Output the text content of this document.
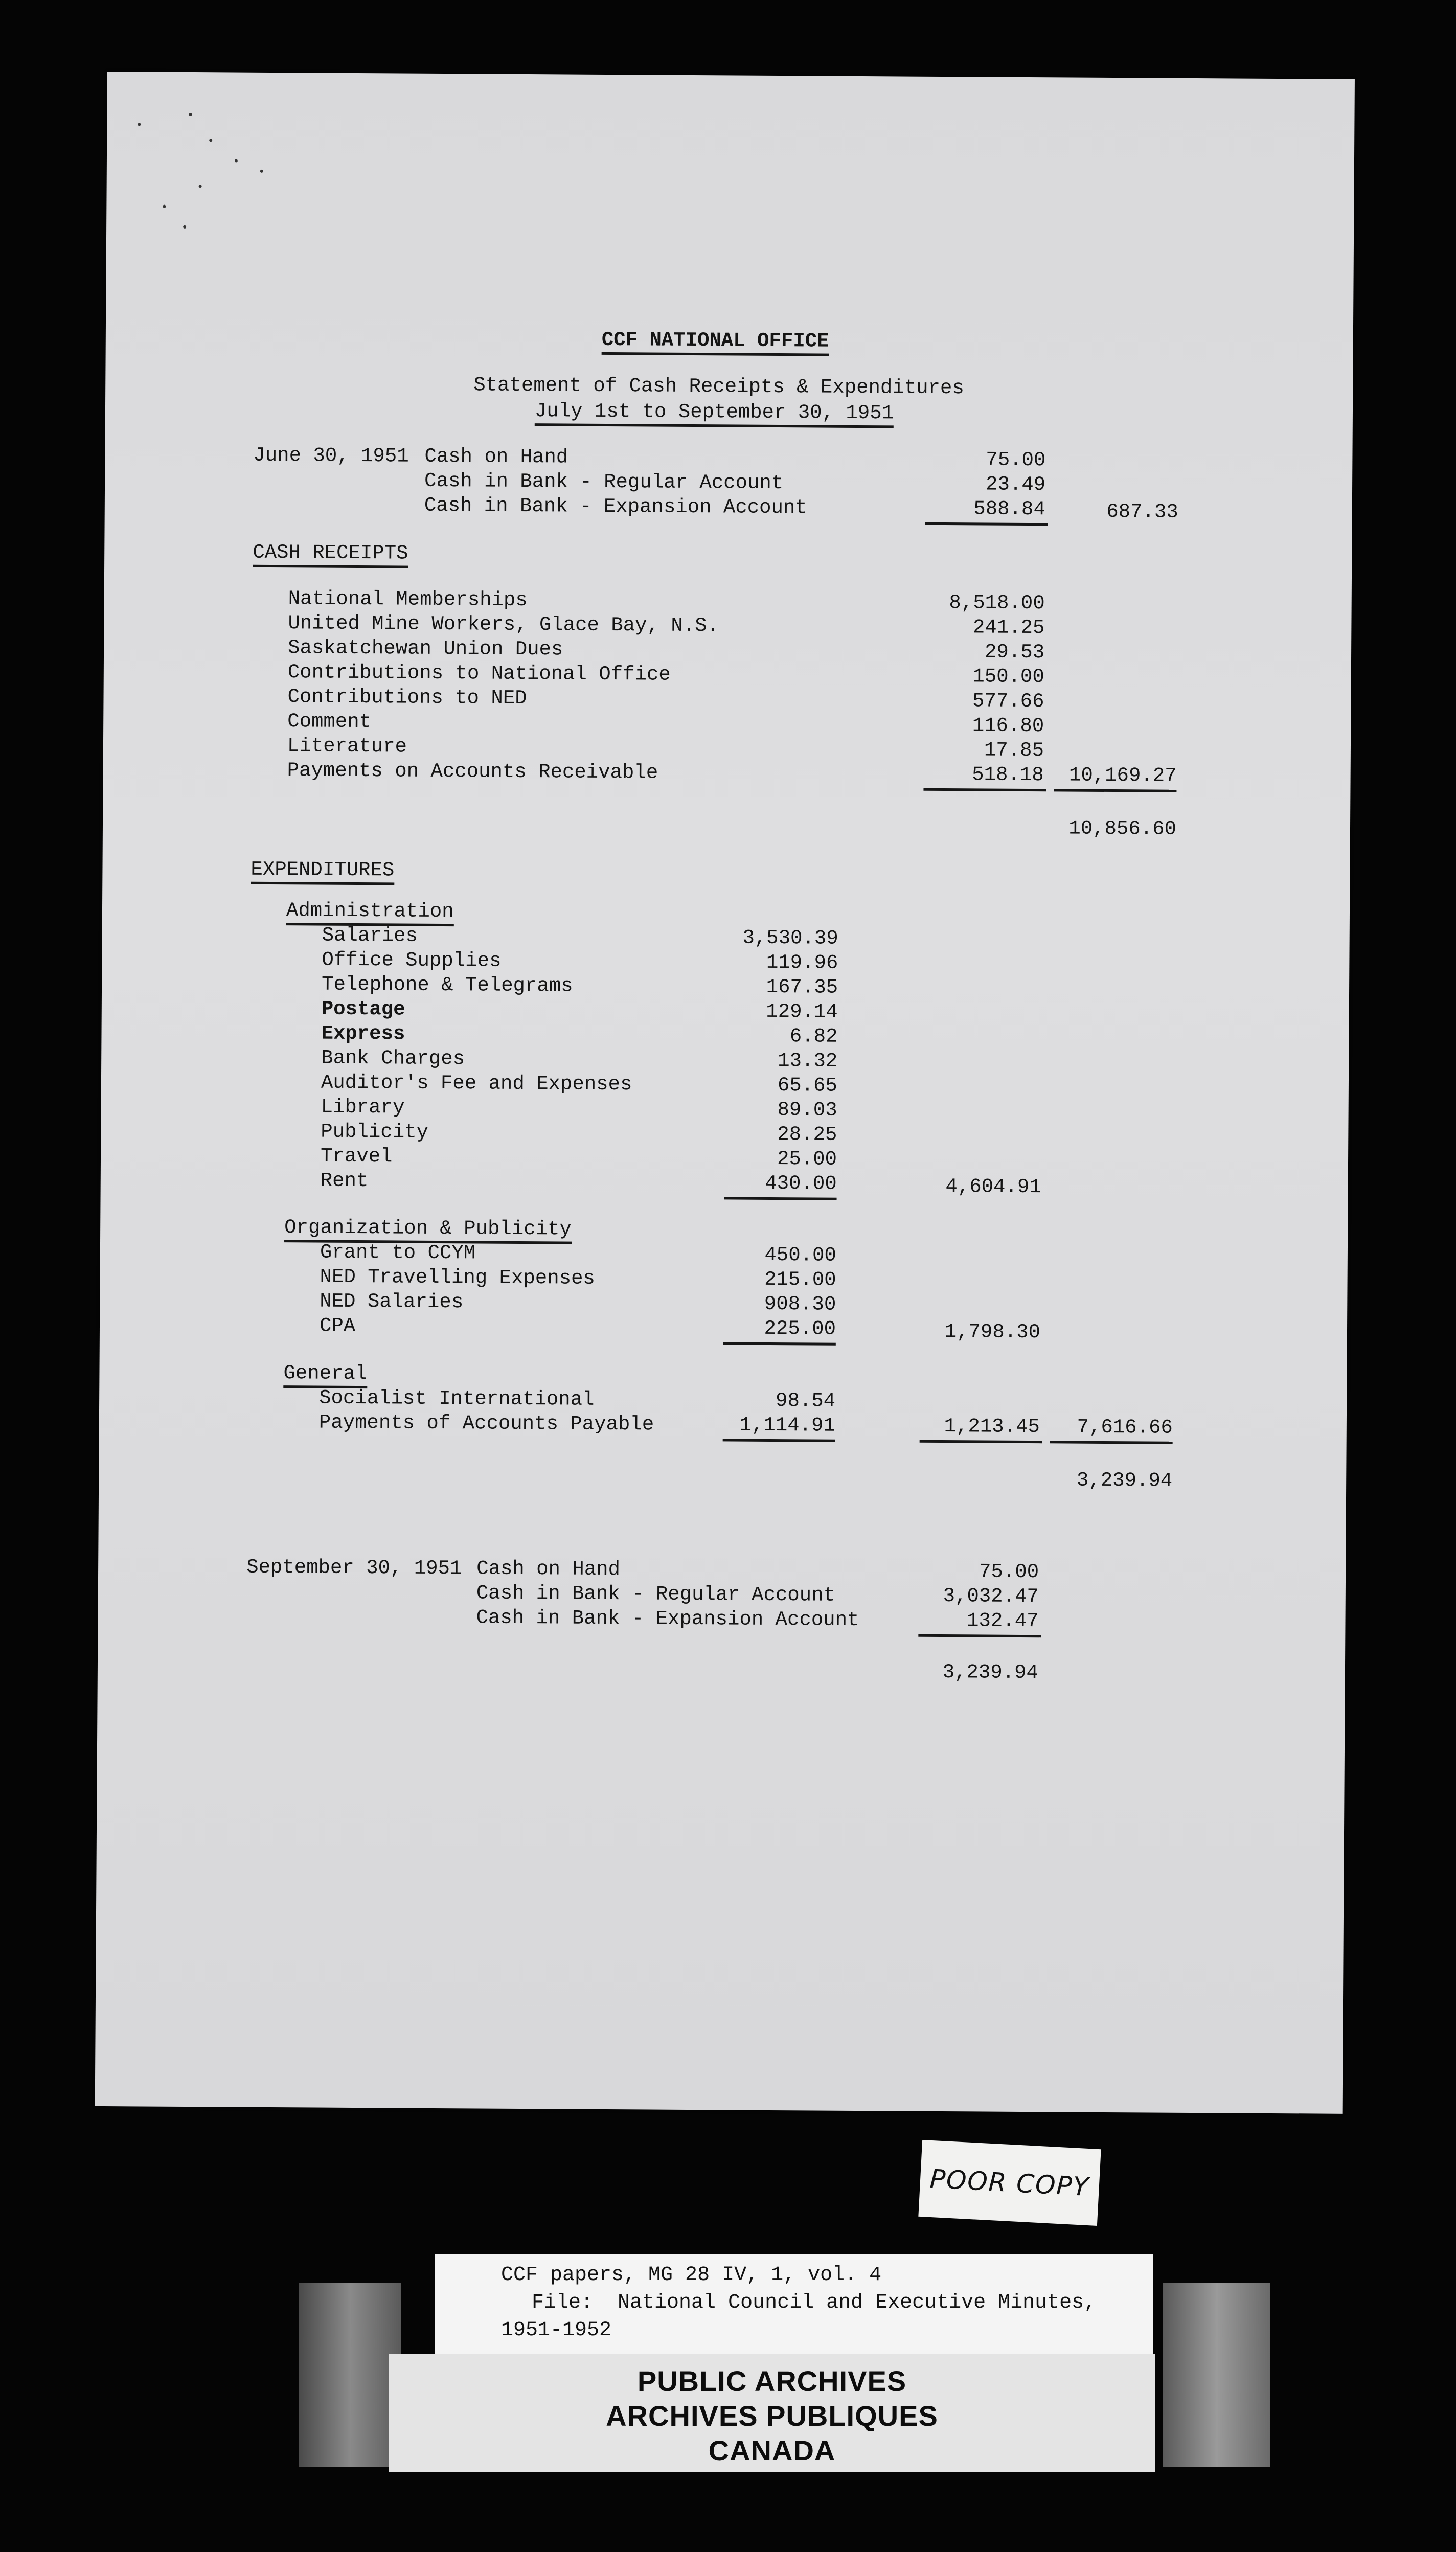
CCF NATIONAL OFFICE
Statement of Cash Receipts & Expenditures
July 1st to September 30, 1951
June 30, 1951 Cash on Hand	75.00
Cash in Bank - Regular Account	23.49
Cash in Bank - Expansion Account	588.84	687.33
CASH RECEIPTS
National Memberships	8,518.00
United Mine Workers, Glace Bay, N.S.	241.25
Saskatchewan Union Dues	29.53
Contributions to National Office	150.00
Contributions to NED	577.66
Comment	116.80
Literature	17.85
Payments on Accounts Receivable	518.18	10,169.27
10,856.60
EXPENDITURES
Administration
Salaries	3,530.39
Office Supplies	119.96
Telephone & Telegrams	167.35
Postage	129.14
Express	6.82
Bank Charges	13.32
Auditor's Fee and Expenses	65.65
Library	89.03
Publicity	28.25
Travel	25.00
Rent	430.00	4,604.91
Organization & Publicity
Grant to CCYM	450.00
NED Travelling Expenses	215.00
NED Salaries	908.30
CPA	225.00	1,798.30
General
Socialist International	98.54
Payments of Accounts Payable	1,114.91	1,213.45	7,616.66
3,239.94
September 30, 1951 Cash on Hand	75.00
Cash in Bank - Regular Account	3,032.47
Cash in Bank - Expansion Account	132.47
3,239.94
POOR COPY
CCF papers, MG 28 IV, 1, vol. 4
File:  National Council and Executive Minutes,
1951-1952
PUBLIC ARCHIVES
ARCHIVES PUBLIQUES
CANADA
